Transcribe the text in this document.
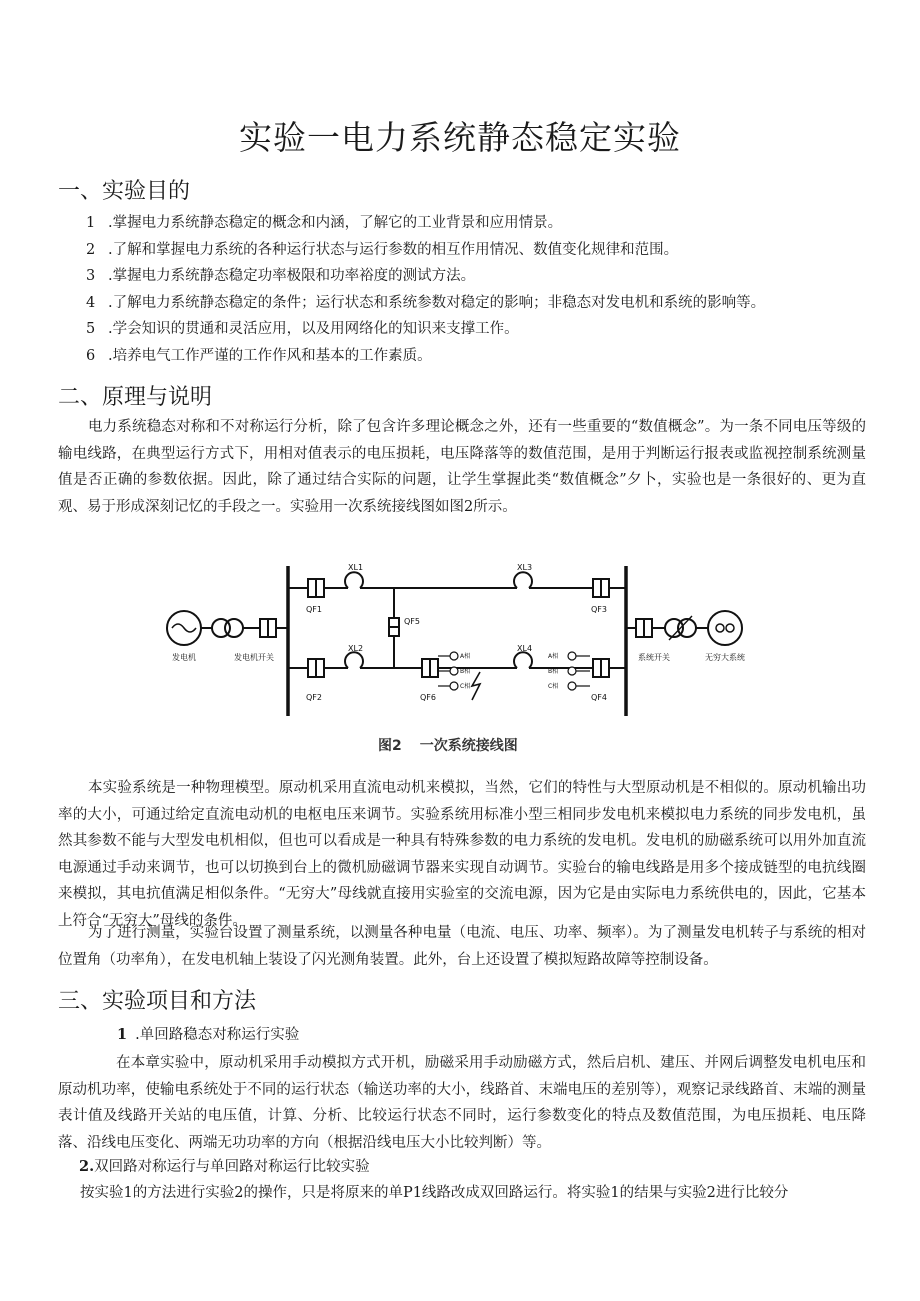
实验一电力系统静态稳定实验
一、实验目的
1 .掌握电力系统静态稳定的概念和内涵，了解它的工业背景和应用情景。
2 .了解和掌握电力系统的各种运行状态与运行参数的相互作用情况、数值变化规律和范围。
3 .掌握电力系统静态稳定功率极限和功率裕度的测试方法。
4 .了解电力系统静态稳定的条件；运行状态和系统参数对稳定的影响；非稳态对发电机和系统的影响等。
5 .学会知识的贯通和灵活应用，以及用网络化的知识来支撑工作。
6 .培养电气工作严谨的工作作风和基本的工作素质。
二、原理与说明

电力系统稳态对称和不对称运行分析，除了包含许多理论概念之外，还有一些重要的“数值概念”。为一条不同电压等级的输电线路，在典型运行方式下，用相对值表示的电压损耗，电压降落等的数值范围，是用于判断运行报表或监视控制系统测量值是否正确的参数依据。因此，除了通过结合实际的问题，让学生掌握此类“数值概念”夕卜，实验也是一条很好的、更为直观、易于形成深刻记忆的手段之一。实验用一次系统接线图如图2所示。

发电机	发电机开关	系统开关	无穷大系统
XL1
XL2
XL3
XL4
QF1
QF2
QF3
QF4
QF5
QF6
A相
B相
C相
A相
B相
C相
图2 一次系统接线图

本实验系统是一种物理模型。原动机采用直流电动机来模拟，当然，它们的特性与大型原动机是不相似的。原动机输出功率的大小，可通过给定直流电动机的电枢电压来调节。实验系统用标准小型三相同步发电机来模拟电力系统的同步发电机，虽然其参数不能与大型发电机相似，但也可以看成是一种具有特殊参数的电力系统的发电机。发电机的励磁系统可以用外加直流电源通过手动来调节，也可以切换到台上的微机励磁调节器来实现自动调节。实验台的输电线路是用多个接成链型的电抗线圈来模拟，其电抗值满足相似条件。“无穷大”母线就直接用实验室的交流电源，因为它是由实际电力系统供电的，因此，它基本上符合“无穷大”母线的条件。

为了进行测量，实验台设置了测量系统，以测量各种电量（电流、电压、功率、频率）。为了测量发电机转子与系统的相对位置角（功率角），在发电机轴上装设了闪光测角装置。此外，台上还设置了模拟短路故障等控制设备。

三、实验项目和方法
1 .单回路稳态对称运行实验

在本章实验中，原动机采用手动模拟方式开机，励磁采用手动励磁方式，然后启机、建压、并网后调整发电机电压和原动机功率，使输电系统处于不同的运行状态（输送功率的大小，线路首、末端电压的差别等），观察记录线路首、末端的测量表计值及线路开关站的电压值，计算、分析、比较运行状态不同时，运行参数变化的特点及数值范围，为电压损耗、电压降落、沿线电压变化、两端无功功率的方向（根据沿线电压大小比较判断）等。

2.双回路对称运行与单回路对称运行比较实验

按实验1的方法进行实验2的操作，只是将原来的单P1线路改成双回路运行。将实验1的结果与实验2进行比较分
